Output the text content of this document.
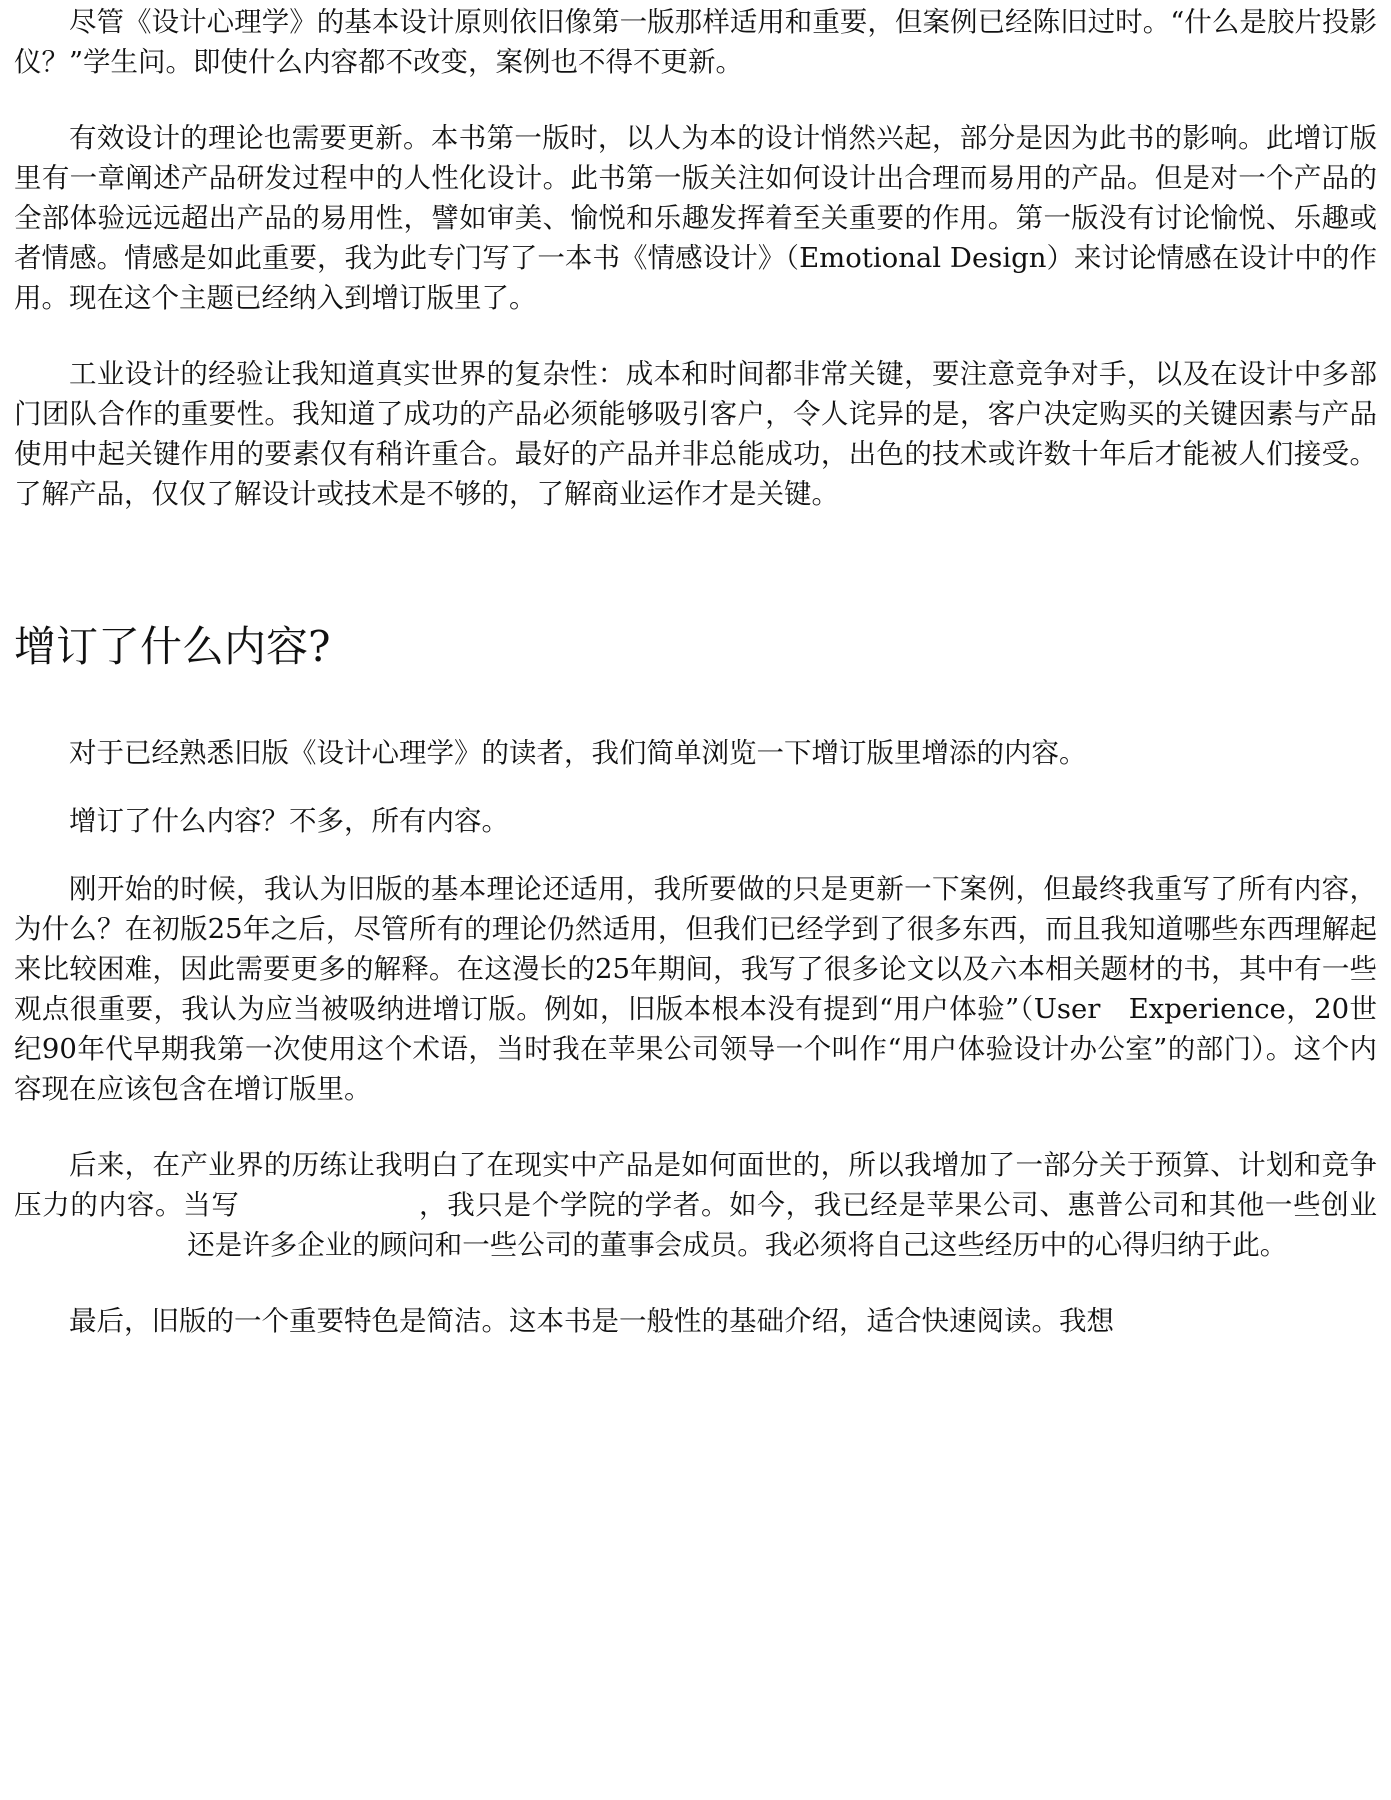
尽管《设计心理学》的基本设计原则依旧像第一版那样适用和重要，但案例已经陈旧过时。“什么是胶片投影仪？”学生问。即使什么内容都不改变，案例也不得不更新。

有效设计的理论也需要更新。本书第一版时，以人为本的设计悄然兴起，部分是因为此书的影响。此增订版里有一章阐述产品研发过程中的人性化设计。此书第一版关注如何设计出合理而易用的产品。但是对一个产品的全部体验远远超出产品的易用性，譬如审美、愉悦和乐趣发挥着至关重要的作用。第一版没有讨论愉悦、乐趣或者情感。情感是如此重要，我为此专门写了一本书《情感设计》（Emotional Design）来讨论情感在设计中的作用。现在这个主题已经纳入到增订版里了。

工业设计的经验让我知道真实世界的复杂性：成本和时间都非常关键，要注意竞争对手，以及在设计中多部门团队合作的重要性。我知道了成功的产品必须能够吸引客户，令人诧异的是，客户决定购买的关键因素与产品使用中起关键作用的要素仅有稍许重合。最好的产品并非总能成功，出色的技术或许数十年后才能被人们接受。了解产品，仅仅了解设计或技术是不够的，了解商业运作才是关键。

增订了什么内容?

对于已经熟悉旧版《设计心理学》的读者，我们简单浏览一下增订版里增添的内容。

增订了什么内容？不多，所有内容。

刚开始的时候，我认为旧版的基本理论还适用，我所要做的只是更新一下案例，但最终我重写了所有内容，为什么？在初版25年之后，尽管所有的理论仍然适用，但我们已经学到了很多东西，而且我知道哪些东西理解起来比较困难，因此需要更多的解释。在这漫长的25年期间，我写了很多论文以及六本相关题材的书，其中有一些观点很重要，我认为应当被吸纳进增订版。例如，旧版本根本没有提到“用户体验”（User　Experience，20世纪90年代早期我第一次使用这个术语，当时我在苹果公司领导一个叫作“用户体验设计办公室”的部门）。这个内容现在应该包含在增订版里。

后来，在产业界的历练让我明白了在现实中产品是如何面世的，所以我增加了一部分关于预算、计划和竞争压力的内容。当写	，我只是个学院的学者。如今，我已经是苹果公司、惠普公司和其他一些创业还是许多企业的顾问和一些公司的董事会成员。我必须将自己这些经历中的心得归纳于此。

最后，旧版的一个重要特色是简洁。这本书是一般性的基础介绍，适合快速阅读。我想
